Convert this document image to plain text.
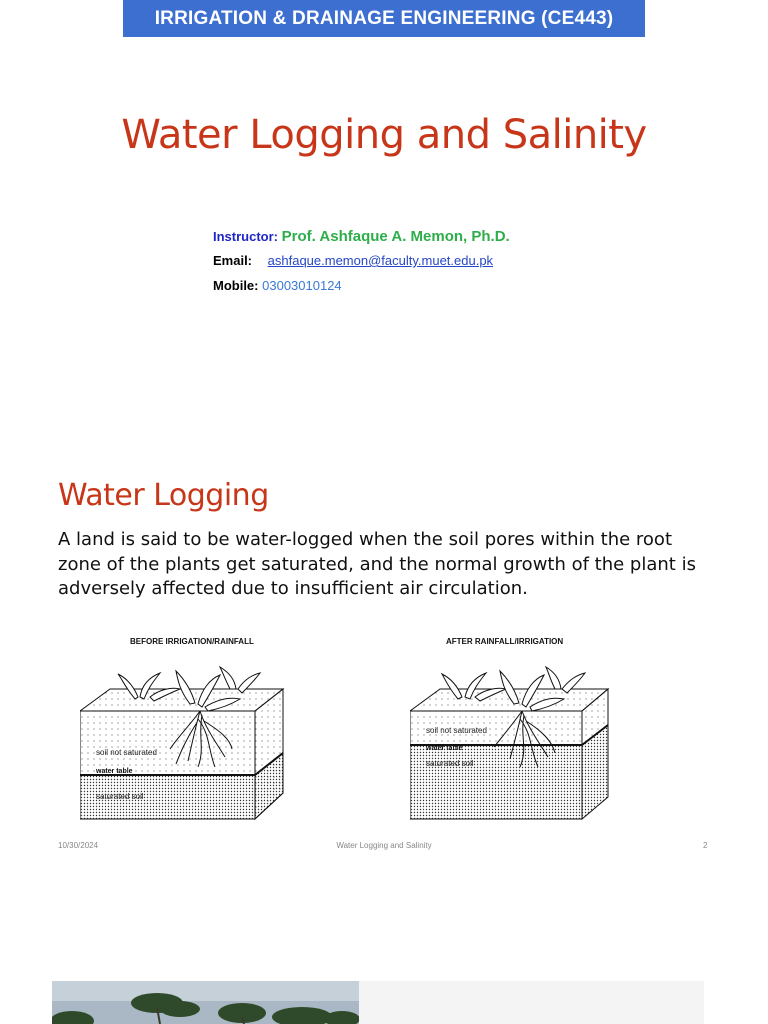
IRRIGATION & DRAINAGE ENGINEERING (CE443)
Water Logging and Salinity
Instructor: Prof. Ashfaque A. Memon, Ph.D.
Email: ashfaque.memon@faculty.muet.edu.pk
Mobile: 03003010124
Water Logging
A land is said to be water-logged when the soil pores within the root zone of the plants get saturated, and the normal growth of the plant is adversely affected due to insufficient air circulation.
BEFORE IRRIGATION/RAINFALL
soil not saturated
water table
saturated soil
AFTER RAINFALL/IRRIGATION
soil not saturated
water table
saturated soil
10/30/2024	Water Logging and Salinity	2
